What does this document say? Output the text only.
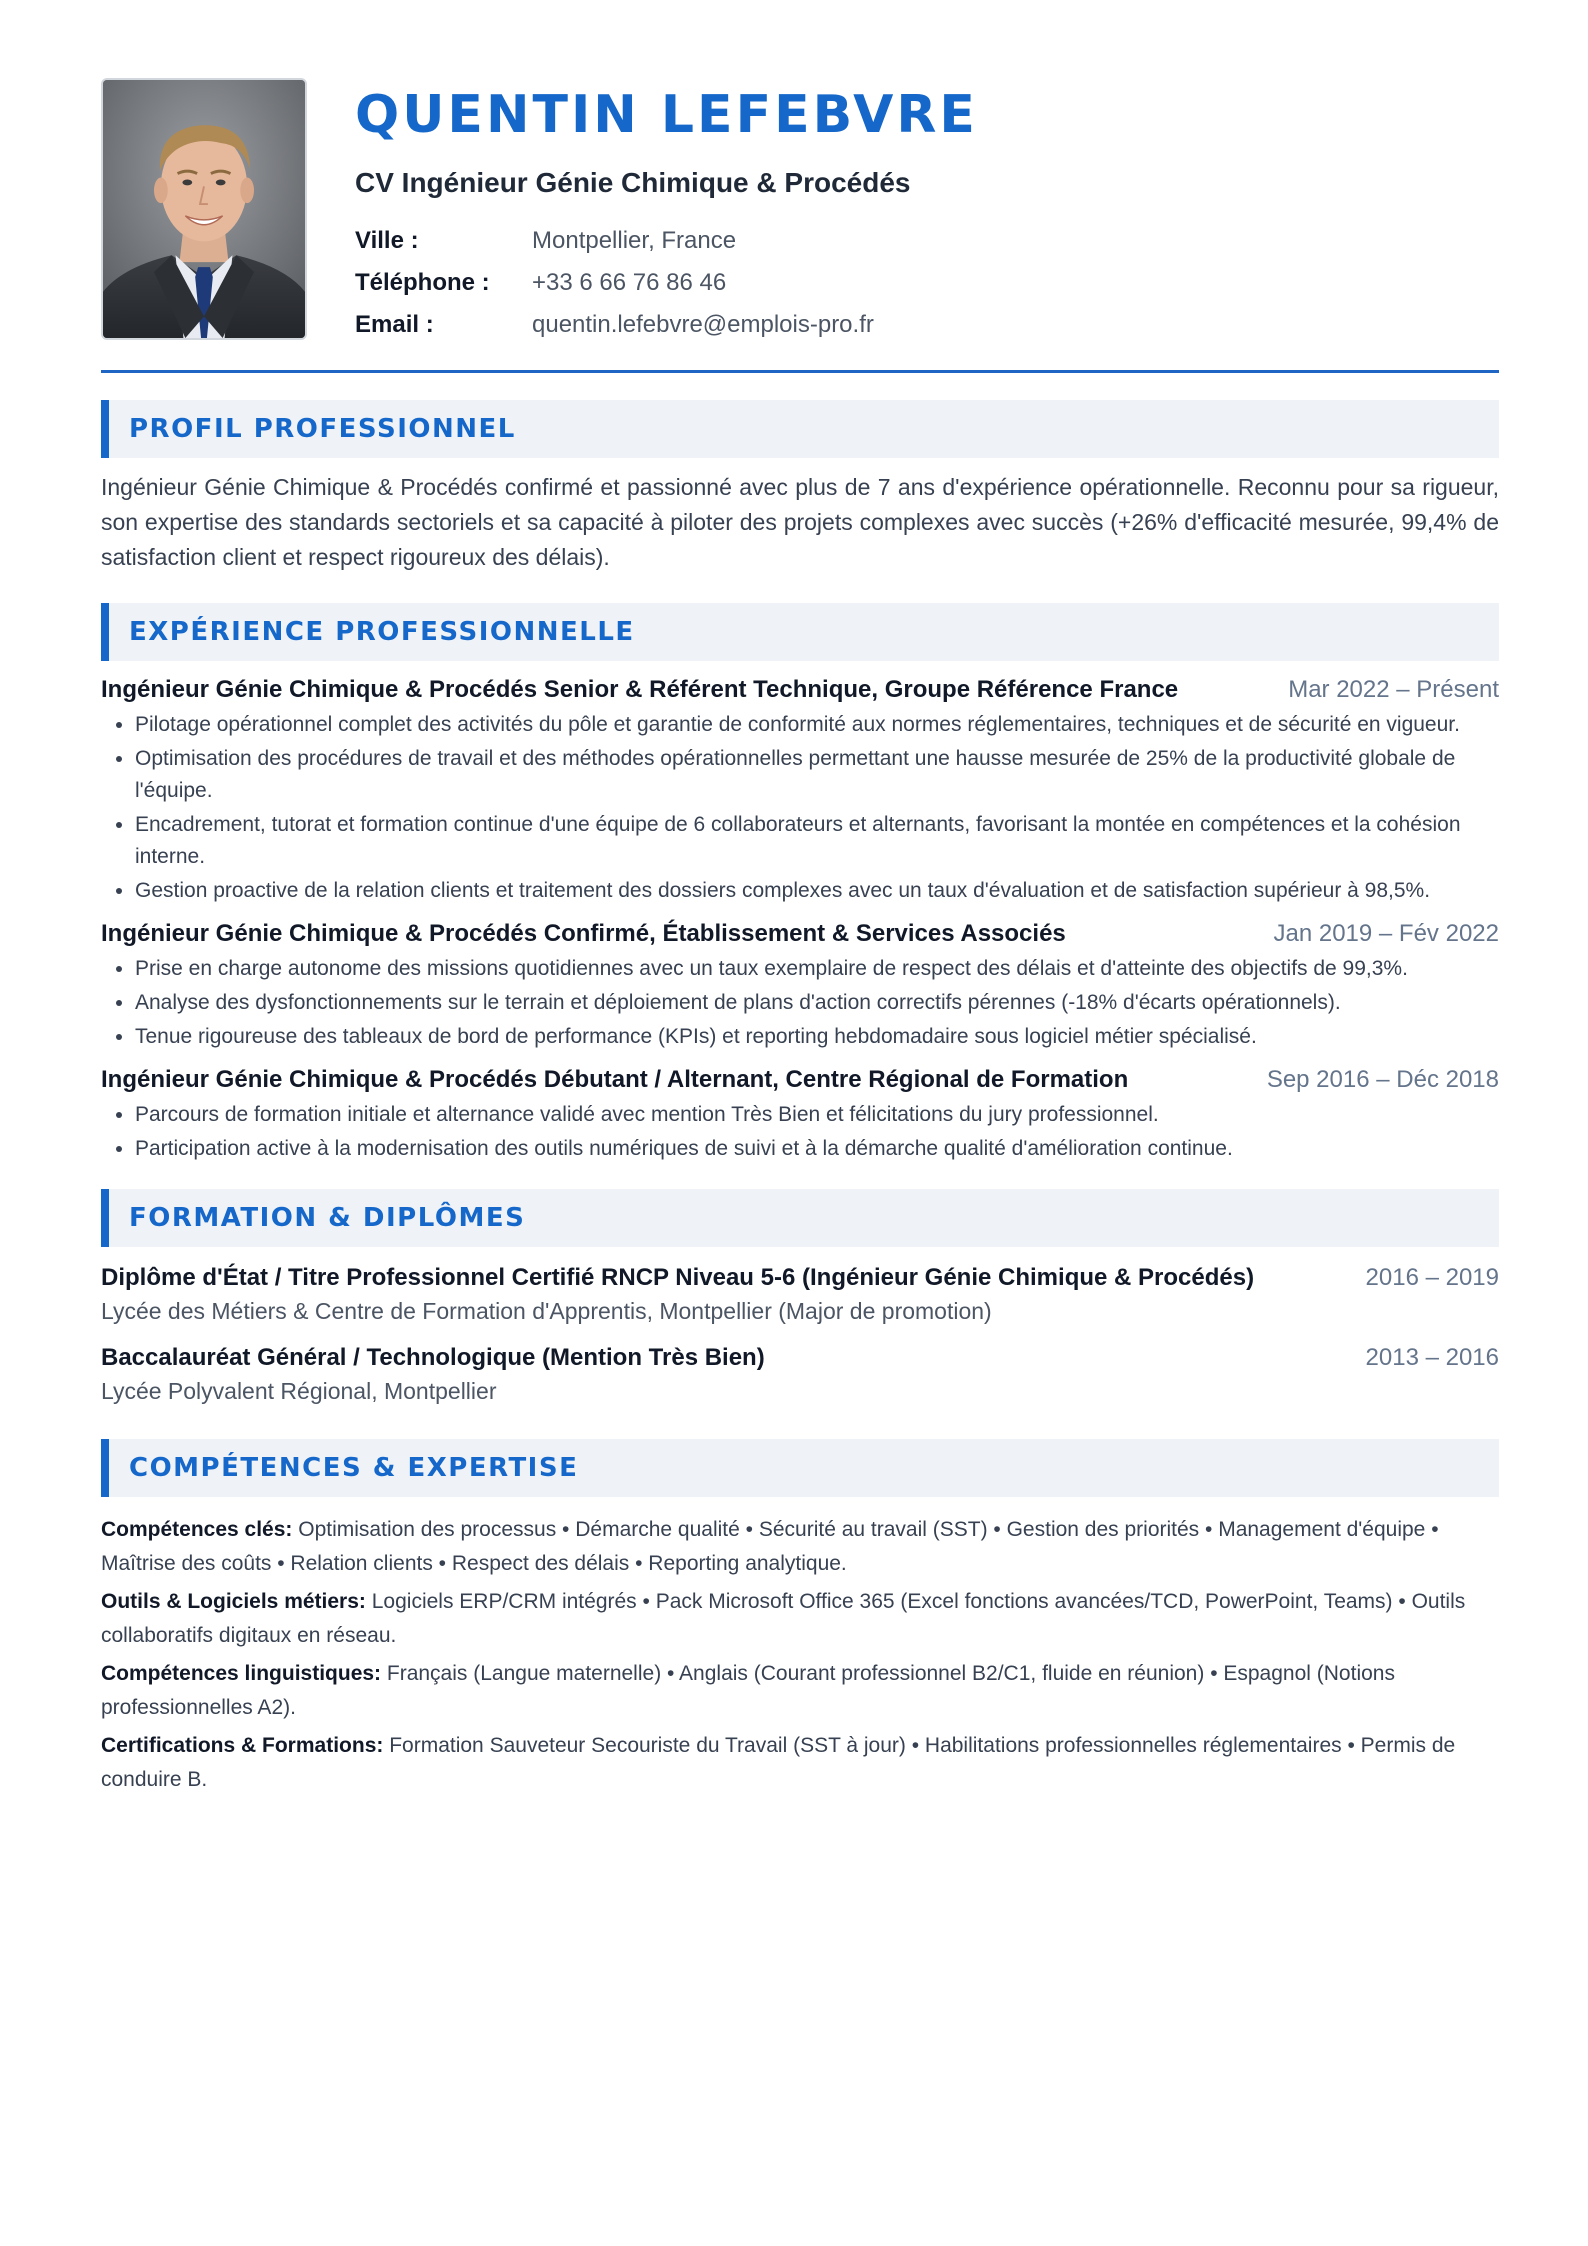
QUENTIN LEFEBVRE
CV Ingénieur Génie Chimique & Procédés
Ville :	Montpellier, France
Téléphone :	+33 6 66 76 86 46
Email :	quentin.lefebvre@emplois-pro.fr
PROFIL PROFESSIONNEL

Ingénieur Génie Chimique & Procédés confirmé et passionné avec plus de 7 ans d'expérience opérationnelle. Reconnu pour sa rigueur, son expertise des standards sectoriels et sa capacité à piloter des projets complexes avec succès (+26% d'efficacité mesurée, 99,4% de satisfaction client et respect rigoureux des délais).

EXPÉRIENCE PROFESSIONNELLE
Ingénieur Génie Chimique & Procédés Senior & Référent Technique, Groupe Référence France	Mar 2022 – Présent
• Pilotage opérationnel complet des activités du pôle et garantie de conformité aux normes réglementaires, techniques et de sécurité en vigueur.
• Optimisation des procédures de travail et des méthodes opérationnelles permettant une hausse mesurée de 25% de la productivité globale de l'équipe.
• Encadrement, tutorat et formation continue d'une équipe de 6 collaborateurs et alternants, favorisant la montée en compétences et la cohésion interne.
• Gestion proactive de la relation clients et traitement des dossiers complexes avec un taux d'évaluation et de satisfaction supérieur à 98,5%.
Ingénieur Génie Chimique & Procédés Confirmé, Établissement & Services Associés	Jan 2019 – Fév 2022
• Prise en charge autonome des missions quotidiennes avec un taux exemplaire de respect des délais et d'atteinte des objectifs de 99,3%.
• Analyse des dysfonctionnements sur le terrain et déploiement de plans d'action correctifs pérennes (-18% d'écarts opérationnels).
• Tenue rigoureuse des tableaux de bord de performance (KPIs) et reporting hebdomadaire sous logiciel métier spécialisé.
Ingénieur Génie Chimique & Procédés Débutant / Alternant, Centre Régional de Formation	Sep 2016 – Déc 2018
• Parcours de formation initiale et alternance validé avec mention Très Bien et félicitations du jury professionnel.
• Participation active à la modernisation des outils numériques de suivi et à la démarche qualité d'amélioration continue.
FORMATION & DIPLÔMES
Diplôme d'État / Titre Professionnel Certifié RNCP Niveau 5-6 (Ingénieur Génie Chimique & Procédés)	2016 – 2019
Lycée des Métiers & Centre de Formation d'Apprentis, Montpellier (Major de promotion)
Baccalauréat Général / Technologique (Mention Très Bien)	2013 – 2016
Lycée Polyvalent Régional, Montpellier
COMPÉTENCES & EXPERTISE
Compétences clés: Optimisation des processus • Démarche qualité • Sécurité au travail (SST) • Gestion des priorités • Management d'équipe • Maîtrise des coûts • Relation clients • Respect des délais • Reporting analytique.
Outils & Logiciels métiers: Logiciels ERP/CRM intégrés • Pack Microsoft Office 365 (Excel fonctions avancées/TCD, PowerPoint, Teams) • Outils collaboratifs digitaux en réseau.
Compétences linguistiques: Français (Langue maternelle) • Anglais (Courant professionnel B2/C1, fluide en réunion) • Espagnol (Notions professionnelles A2).
Certifications & Formations: Formation Sauveteur Secouriste du Travail (SST à jour) • Habilitations professionnelles réglementaires • Permis de conduire B.
